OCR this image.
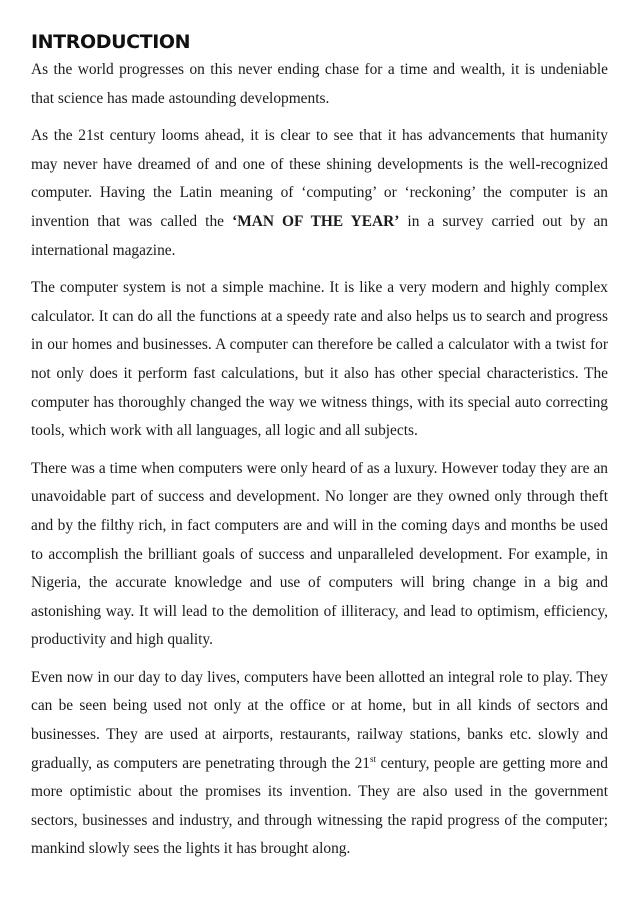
INTRODUCTION

As the world progresses on this never ending chase for a time and wealth, it is undeniable that science has made astounding developments.

As the 21st century looms ahead, it is clear to see that it has advancements that humanity may never have dreamed of and one of these shining developments is the well-recognized computer. Having the Latin meaning of ‘computing’ or ‘reckoning’ the computer is an invention that was called the ‘MAN OF THE YEAR’ in a survey carried out by an international magazine.

The computer system is not a simple machine. It is like a very modern and highly complex calculator. It can do all the functions at a speedy rate and also helps us to search and progress in our homes and businesses. A computer can therefore be called a calculator with a twist for not only does it perform fast calculations, but it also has other special characteristics. The computer has thoroughly changed the way we witness things, with its special auto correcting tools, which work with all languages, all logic and all subjects.

There was a time when computers were only heard of as a luxury. However today they are an unavoidable part of success and development. No longer are they owned only through theft and by the filthy rich, in fact computers are and will in the coming days and months be used to accomplish the brilliant goals of success and unparalleled development. For example, in Nigeria, the accurate knowledge and use of computers will bring change in a big and astonishing way. It will lead to the demolition of illiteracy, and lead to optimism, efficiency, productivity and high quality.

Even now in our day to day lives, computers have been allotted an integral role to play. They can be seen being used not only at the office or at home, but in all kinds of sectors and businesses. They are used at airports, restaurants, railway stations, banks etc. slowly and gradually, as computers are penetrating through the 21st century, people are getting more and more optimistic about the promises its invention. They are also used in the government sectors, businesses and industry, and through witnessing the rapid progress of the computer; mankind slowly sees the lights it has brought along.
